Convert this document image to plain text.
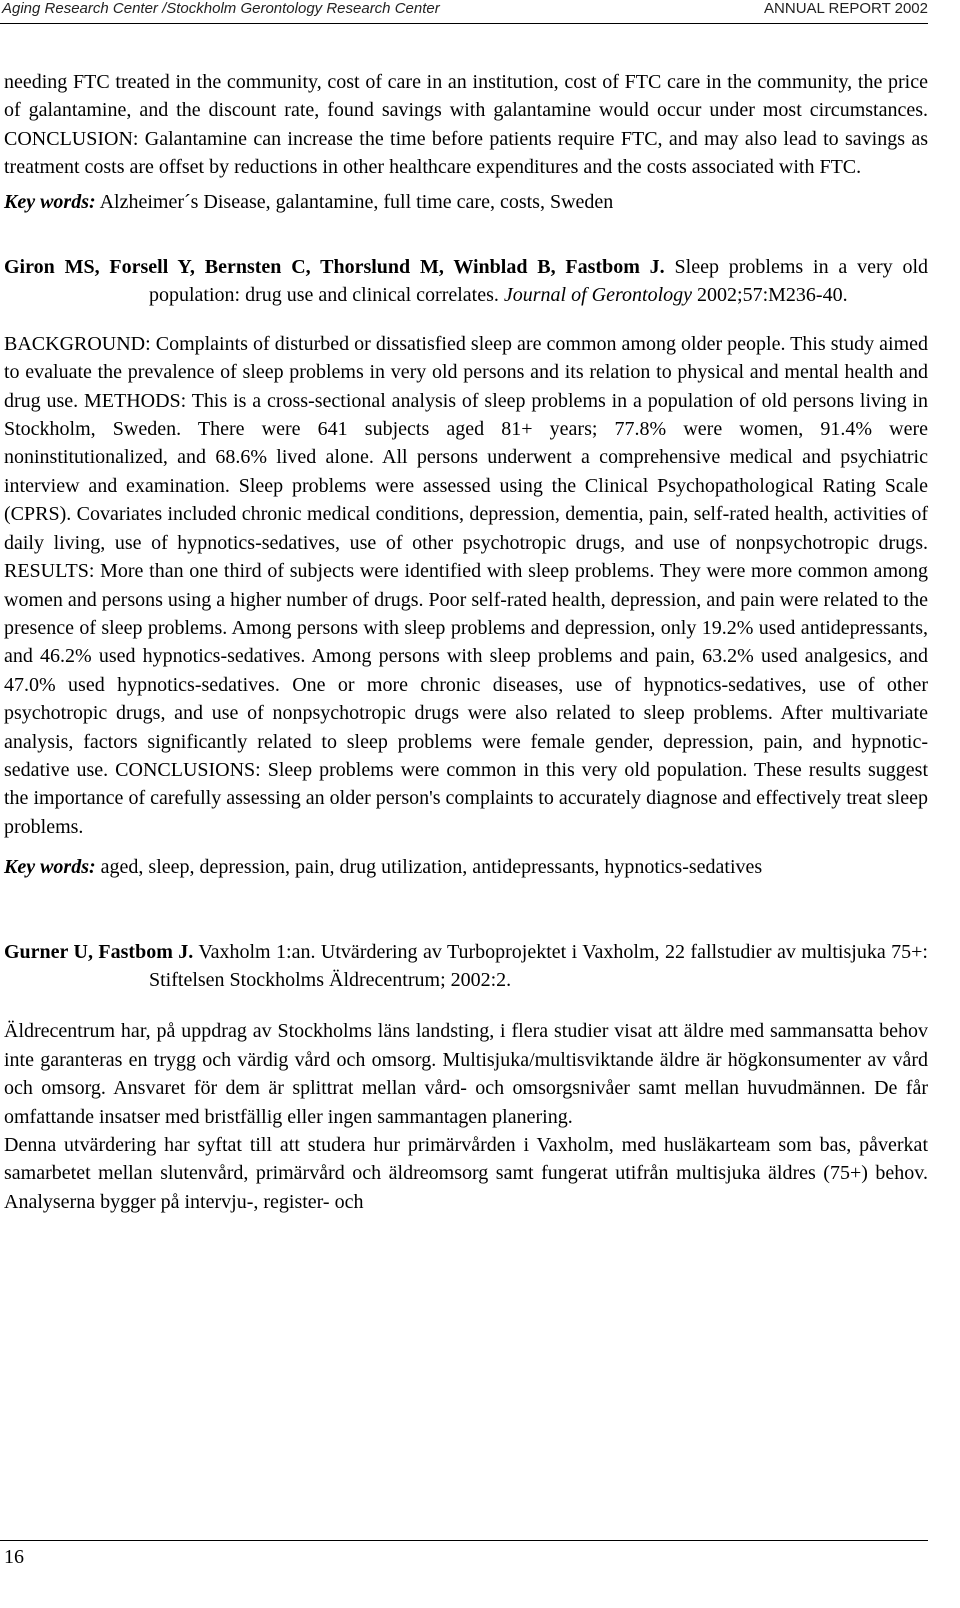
Aging Research Center /Stockholm Gerontology Research Center	ANNUAL REPORT 2002

needing FTC treated in the community, cost of care in an institution, cost of FTC care in the community, the price of galantamine, and the discount rate, found savings with galantamine would occur under most circumstances. CONCLUSION: Galantamine can increase the time before patients require FTC, and may also lead to savings as treatment costs are offset by reductions in other healthcare expenditures and the costs associated with FTC.

Key words: Alzheimer´s Disease, galantamine, full time care, costs, Sweden

Giron MS, Forsell Y, Bernsten C, Thorslund M, Winblad B, Fastbom J. Sleep problems in a very old population: drug use and clinical correlates. Journal of Gerontology 2002;57:M236-40.

BACKGROUND: Complaints of disturbed or dissatisfied sleep are common among older people. This study aimed to evaluate the prevalence of sleep problems in very old persons and its relation to physical and mental health and drug use. METHODS: This is a cross-sectional analysis of sleep problems in a population of old persons living in Stockholm, Sweden. There were 641 subjects aged 81+ years; 77.8% were women, 91.4% were noninstitutionalized, and 68.6% lived alone. All persons underwent a comprehensive medical and psychiatric interview and examination. Sleep problems were assessed using the Clinical Psychopathological Rating Scale (CPRS). Covariates included chronic medical conditions, depression, dementia, pain, self-rated health, activities of daily living, use of hypnotics-sedatives, use of other psychotropic drugs, and use of nonpsychotropic drugs. RESULTS: More than one third of subjects were identified with sleep problems. They were more common among women and persons using a higher number of drugs. Poor self-rated health, depression, and pain were related to the presence of sleep problems. Among persons with sleep problems and depression, only 19.2% used antidepressants, and 46.2% used hypnotics-sedatives. Among persons with sleep problems and pain, 63.2% used analgesics, and 47.0% used hypnotics-sedatives. One or more chronic diseases, use of hypnotics-sedatives, use of other psychotropic drugs, and use of nonpsychotropic drugs were also related to sleep problems. After multivariate analysis, factors significantly related to sleep problems were female gender, depression, pain, and hypnotic-sedative use. CONCLUSIONS: Sleep problems were common in this very old population. These results suggest the importance of carefully assessing an older person's complaints to accurately diagnose and effectively treat sleep problems.

Key words: aged, sleep, depression, pain, drug utilization, antidepressants, hypnotics-sedatives

Gurner U, Fastbom J. Vaxholm 1:an. Utvärdering av Turboprojektet i Vaxholm, 22 fallstudier av multisjuka 75+: Stiftelsen Stockholms Äldrecentrum; 2002:2.

Äldrecentrum har, på uppdrag av Stockholms läns landsting, i flera studier visat att äldre med sammansatta behov inte garanteras en trygg och värdig vård och omsorg. Multisjuka/multisviktande äldre är högkonsumenter av vård och omsorg. Ansvaret för dem är splittrat mellan vård- och omsorgsnivåer samt mellan huvudmännen. De får omfattande insatser med bristfällig eller ingen sammantagen planering.

Denna utvärdering har syftat till att studera hur primärvården i Vaxholm, med husläkarteam som bas, påverkat samarbetet mellan slutenvård, primärvård och äldreomsorg samt fungerat utifrån multisjuka äldres (75+) behov. Analyserna bygger på intervju-, register- och

16
